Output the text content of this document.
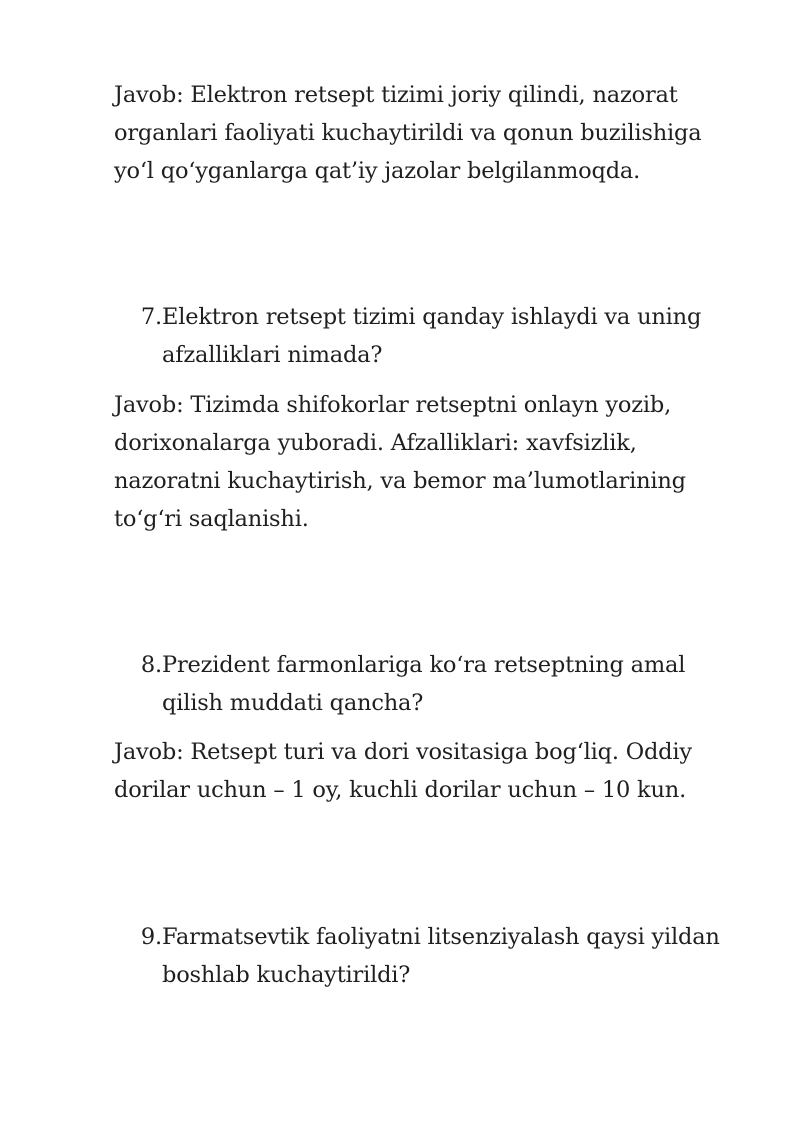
Javob: Elektron retsept tizimi joriy qilindi, nazorat
organlari faoliyati kuchaytirildi va qonun buzilishiga
yo‘l qo‘yganlarga qat’iy jazolar belgilanmoqda.

7. Elektron retsept tizimi qanday ishlaydi va uning
afzalliklari nimada?

Javob: Tizimda shifokorlar retseptni onlayn yozib,
dorixonalarga yuboradi. Afzalliklari: xavfsizlik,
nazoratni kuchaytirish, va bemor ma’lumotlarining
to‘g‘ri saqlanishi.

8. Prezident farmonlariga ko‘ra retseptning amal
qilish muddati qancha?

Javob: Retsept turi va dori vositasiga bog‘liq. Oddiy
dorilar uchun – 1 oy, kuchli dorilar uchun – 10 kun.

9. Farmatsevtik faoliyatni litsenziyalash qaysi yildan
boshlab kuchaytirildi?
